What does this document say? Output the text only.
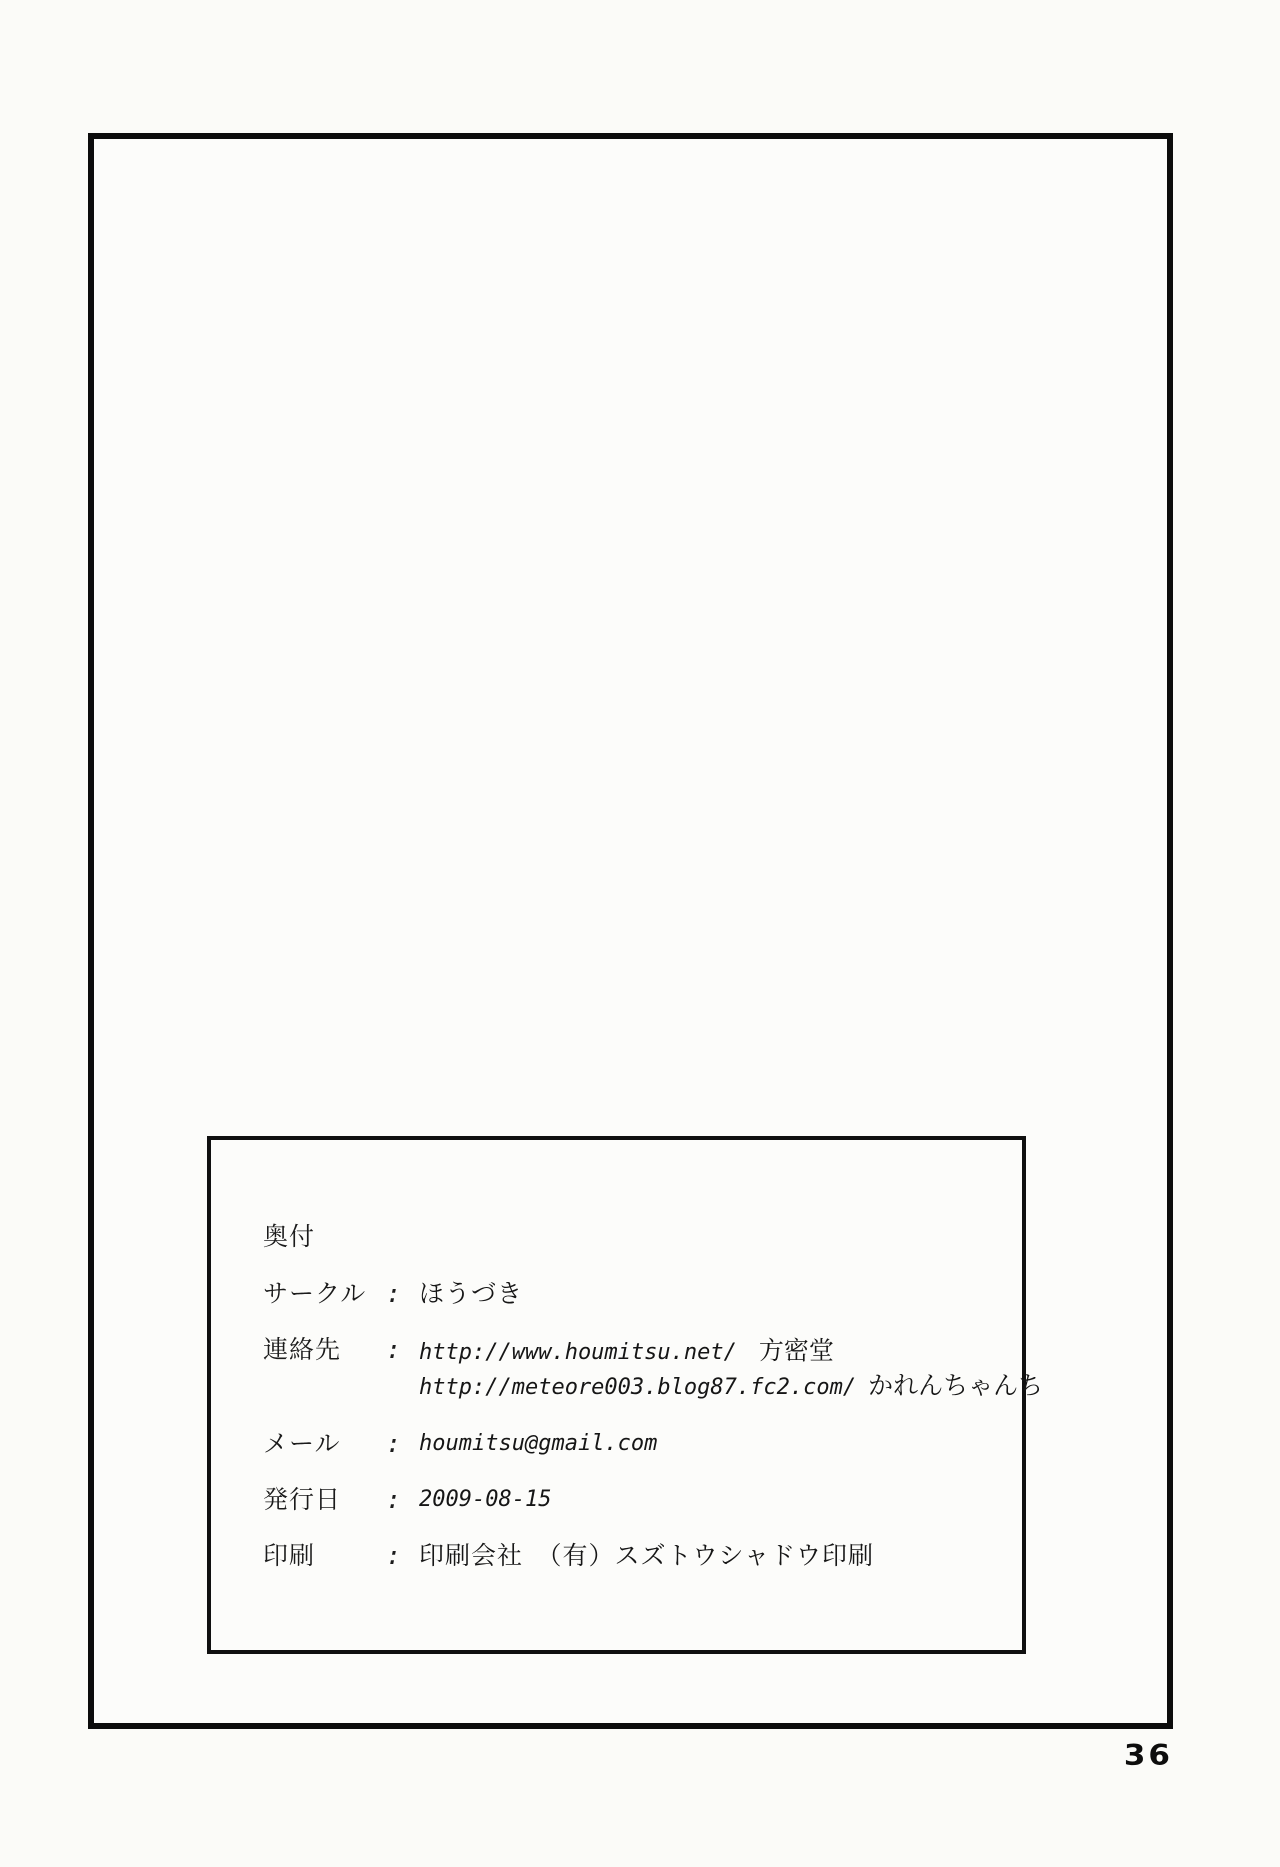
奥付
サークル : ほうづき
連絡先	: http://www.houmitsu.net/ 方密堂
http://meteore003.blog87.fc2.com/ かれんちゃんち
メール	: houmitsu@gmail.com
発行日	: 2009-08-15
印刷	: 印刷会社　（有）スズトウシャドウ印刷
36
